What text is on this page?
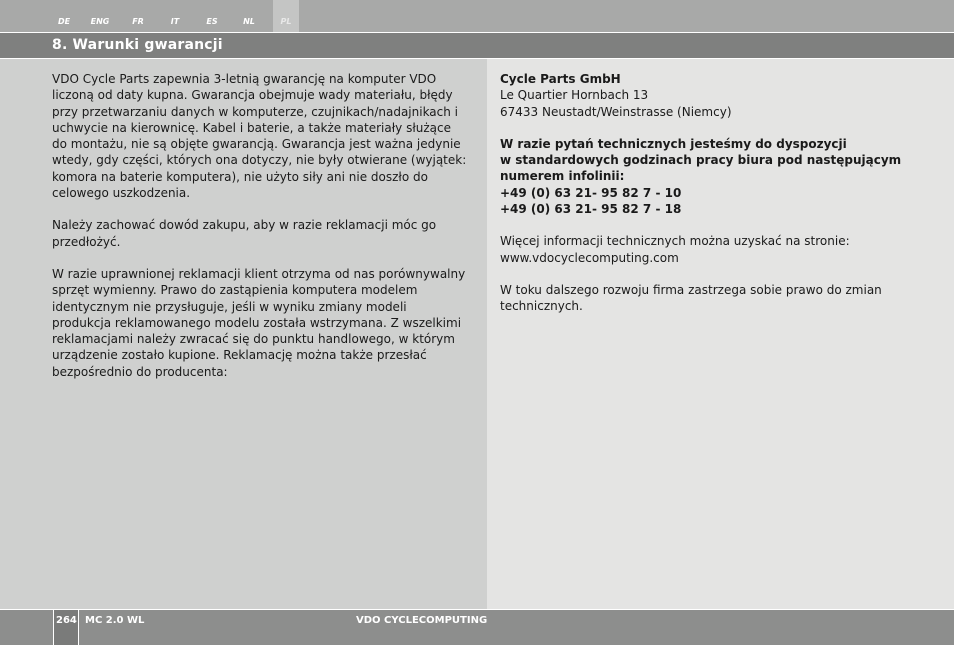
DE	ENG	FR	IT	ES	NL	PL
8. Warunki gwarancji

VDO Cycle Parts zapewnia 3-letnią gwarancję na komputer VDO liczoną od daty kupna. Gwarancja obejmuje wady materiału, błędy przy przetwarzaniu danych w komputerze, czujnikach/nadajnikach i uchwycie na kierownicę. Kabel i baterie, a także materiały służące do montażu, nie są objęte gwarancją. Gwarancja jest ważna jedynie wtedy, gdy części, których ona dotyczy, nie były otwierane (wyjątek: komora na baterie komputera), nie użyto siły ani nie doszło do celowego uszkodzenia.

Należy zachować dowód zakupu, aby w razie reklamacji móc go przedłożyć.

W razie uprawnionej reklamacji klient otrzyma od nas porównywalny sprzęt wymienny. Prawo do zastąpienia komputera modelem identycznym nie przysługuje, jeśli w wyniku zmiany modeli produkcja reklamowanego modelu została wstrzymana. Z wszelkimi reklamacjami należy zwracać się do punktu handlowego, w którym urządzenie zostało kupione. Reklamację można także przesłać bezpośrednio do producenta:

Cycle Parts GmbH
Le Quartier Hornbach 13
67433 Neustadt/Weinstrasse (Niemcy)

W razie pytań technicznych jesteśmy do dyspozycji
w standardowych godzinach pracy biura pod następującym
numerem infolinii:
+49 (0) 63 21- 95 82 7 - 10
+49 (0) 63 21- 95 82 7 - 18

Więcej informacji technicznych można uzyskać na stronie:
www.vdocyclecomputing.com

W toku dalszego rozwoju firma zastrzega sobie prawo do zmian technicznych.

264 MC 2.0 WL	VDO CYCLECOMPUTING
